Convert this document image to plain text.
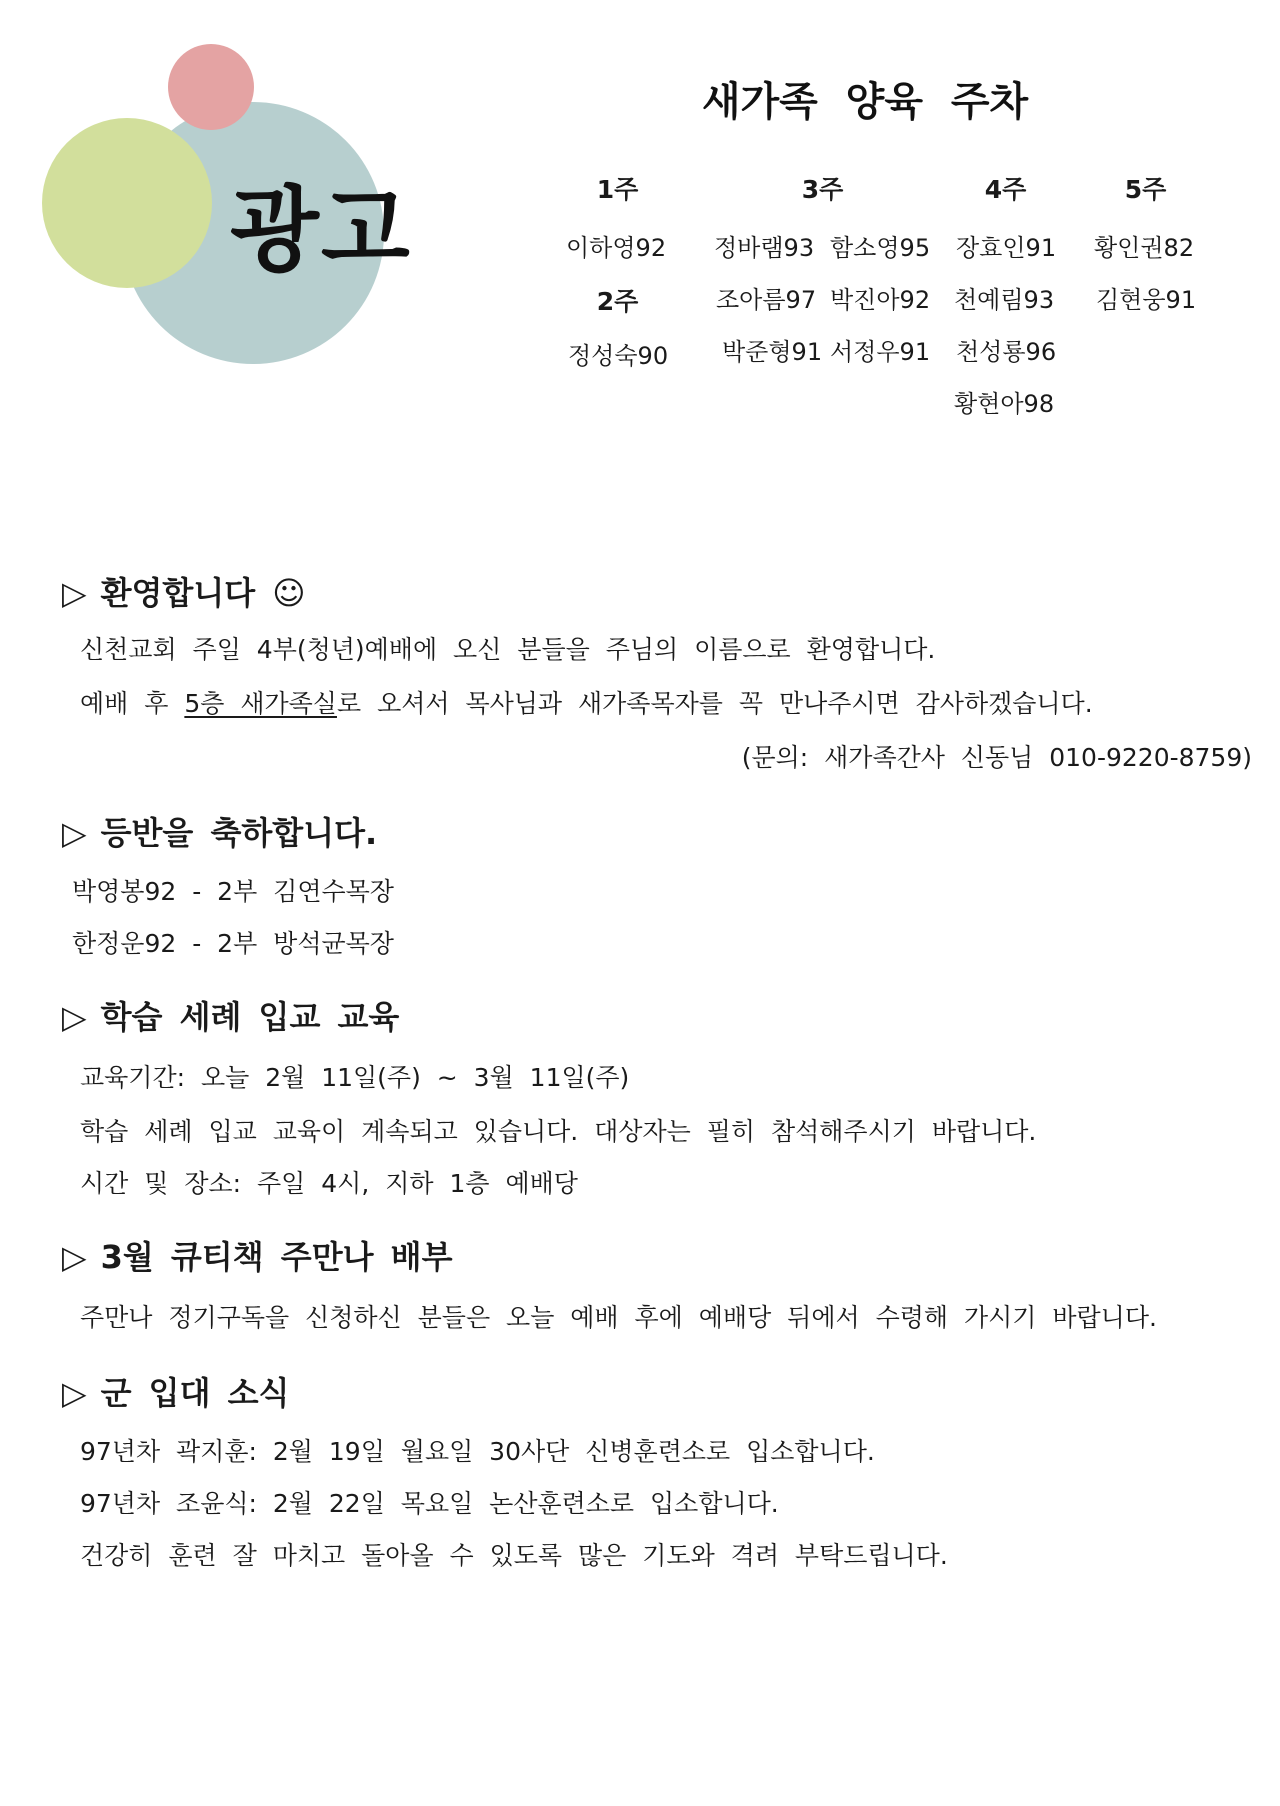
광고
새가족 양육 주차
1주
이하영92
2주
정성숙90
3주
정바램93 함소영95
조아름97 박진아92
박준형91 서정우91
4주
장효인91
천예림93
천성룡96
황현아98
5주
황인권82
김현웅91
▷ 환영합니다 ☺
신천교회 주일 4부(청년)예배에 오신 분들을 주님의 이름으로 환영합니다.
예배 후 5층 새가족실로 오셔서 목사님과 새가족목자를 꼭 만나주시면 감사하겠습니다.
(문의: 새가족간사 신동님 010-9220-8759)
▷ 등반을 축하합니다.
박영봉92 - 2부 김연수목장
한정운92 - 2부 방석균목장
▷ 학습 세례 입교 교육
교육기간: 오늘 2월 11일(주) ~ 3월 11일(주)
학습 세례 입교 교육이 계속되고 있습니다. 대상자는 필히 참석해주시기 바랍니다.
시간 및 장소: 주일 4시, 지하 1층 예배당
▷ 3월 큐티책 주만나 배부
주만나 정기구독을 신청하신 분들은 오늘 예배 후에 예배당 뒤에서 수령해 가시기 바랍니다.
▷ 군 입대 소식
97년차 곽지훈: 2월 19일 월요일 30사단 신병훈련소로 입소합니다.
97년차 조윤식: 2월 22일 목요일 논산훈련소로 입소합니다.
건강히 훈련 잘 마치고 돌아올 수 있도록 많은 기도와 격려 부탁드립니다.
